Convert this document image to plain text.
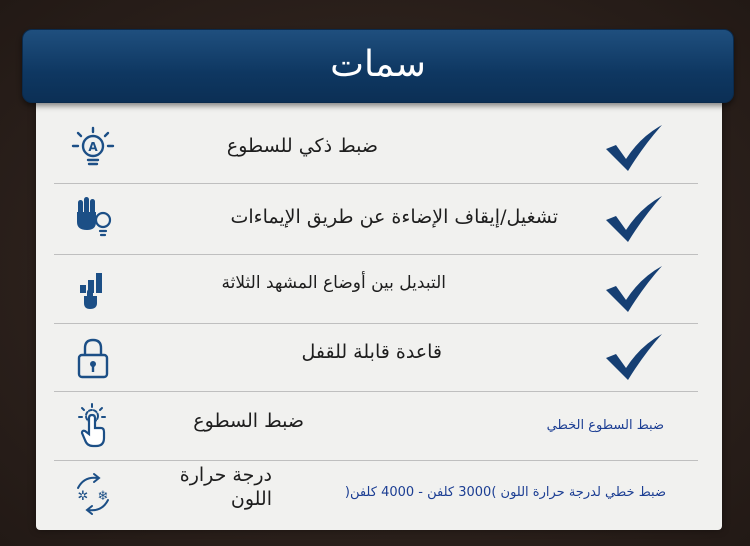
سمات
A	ضبط ذكي للسطوع
تشغيل/إيقاف الإضاءة عن طريق الإيماءات
التبديل بين أوضاع المشهد الثلاثة
قاعدة قابلة للقفل
ضبط السطوع	ضبط السطوع الخطي
✲ ❄
درجة حرارة اللون	ضبط خطي لدرجة حرارة اللون )3000 كلفن - 4000 كلفن(
